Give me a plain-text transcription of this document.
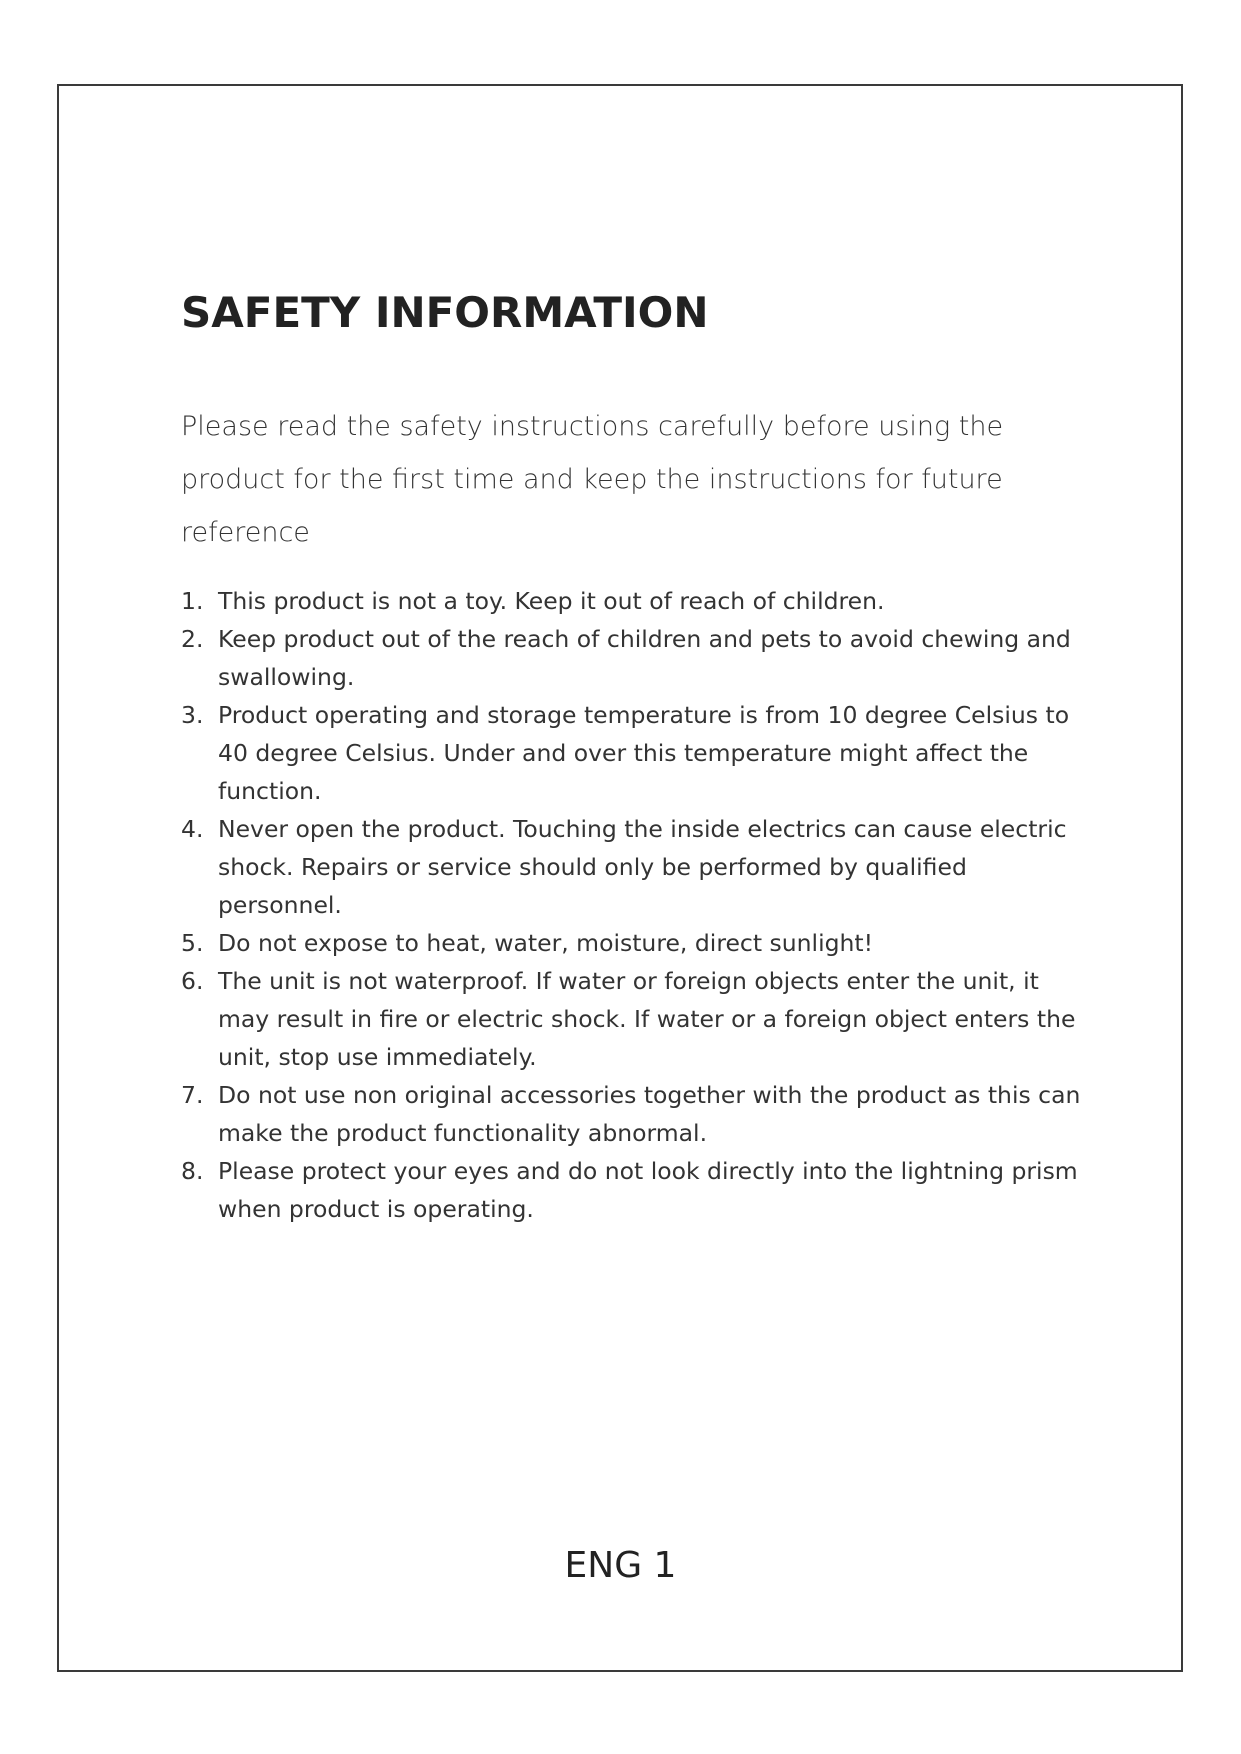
SAFETY INFORMATION

Please read the safety instructions carefully before using the product for the first time and keep the instructions for future reference

1. This product is not a toy. Keep it out of reach of children.
2. Keep product out of the reach of children and pets to avoid chewing and swallowing.
3. Product operating and storage temperature is from 10 degree Celsius to 40 degree Celsius. Under and over this temperature might affect the function.
4. Never open the product. Touching the inside electrics can cause electric shock. Repairs or service should only be performed by qualified personnel.
5. Do not expose to heat, water, moisture, direct sunlight!
6. The unit is not waterproof. If water or foreign objects enter the unit, it may result in fire or electric shock. If water or a foreign object enters the unit, stop use immediately.
7. Do not use non original accessories together with the product as this can make the product functionality abnormal.
8. Please protect your eyes and do not look directly into the lightning prism when product is operating.

ENG 1
